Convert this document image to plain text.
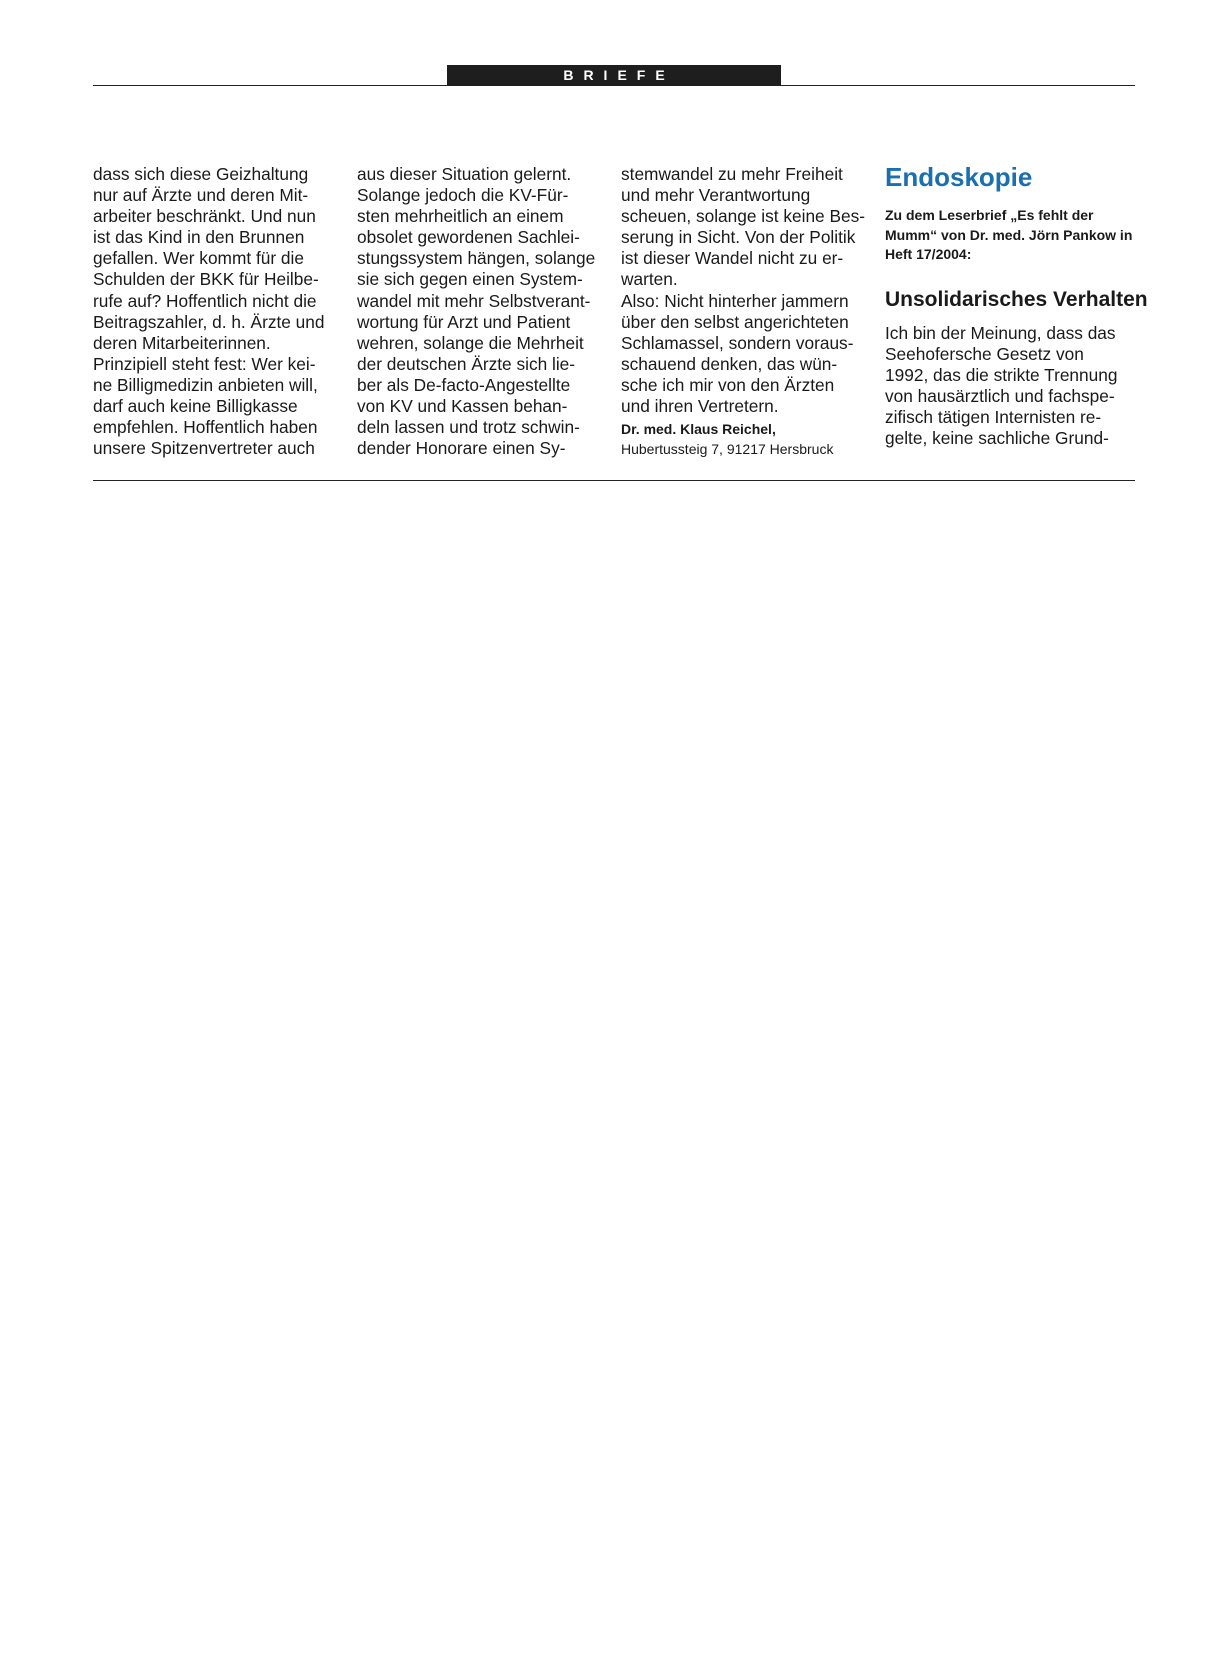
BRIEFE
dass sich diese Geizhaltung
nur auf Ärzte und deren Mit-
arbeiter beschränkt. Und nun
ist das Kind in den Brunnen
gefallen. Wer kommt für die
Schulden der BKK für Heilbe-
rufe auf? Hoffentlich nicht die
Beitragszahler, d. h. Ärzte und
deren Mitarbeiterinnen.
Prinzipiell steht fest: Wer kei-
ne Billigmedizin anbieten will,
darf auch keine Billigkasse
empfehlen. Hoffentlich haben
unsere Spitzenvertreter auch
aus dieser Situation gelernt.
Solange jedoch die KV-Für-
sten mehrheitlich an einem
obsolet gewordenen Sachlei-
stungssystem hängen, solange
sie sich gegen einen System-
wandel mit mehr Selbstverant-
wortung für Arzt und Patient
wehren, solange die Mehrheit
der deutschen Ärzte sich lie-
ber als De-facto-Angestellte
von KV und Kassen behan-
deln lassen und trotz schwin-
dender Honorare einen Sy-
stemwandel zu mehr Freiheit
und mehr Verantwortung
scheuen, solange ist keine Bes-
serung in Sicht. Von der Politik
ist dieser Wandel nicht zu er-
warten.
Also: Nicht hinterher jammern
über den selbst angerichteten
Schlamassel, sondern voraus-
schauend denken, das wün-
sche ich mir von den Ärzten
und ihren Vertretern.
Dr. med. Klaus Reichel,
Hubertussteig 7, 91217 Hersbruck
Endoskopie
Zu dem Leserbrief „Es fehlt der
Mumm“ von Dr. med. Jörn Pankow in
Heft 17/2004:
Unsolidarisches Verhalten
Ich bin der Meinung, dass das
Seehofersche Gesetz von
1992, das die strikte Trennung
von hausärztlich und fachspe-
zifisch tätigen Internisten re-
gelte, keine sachliche Grund-
